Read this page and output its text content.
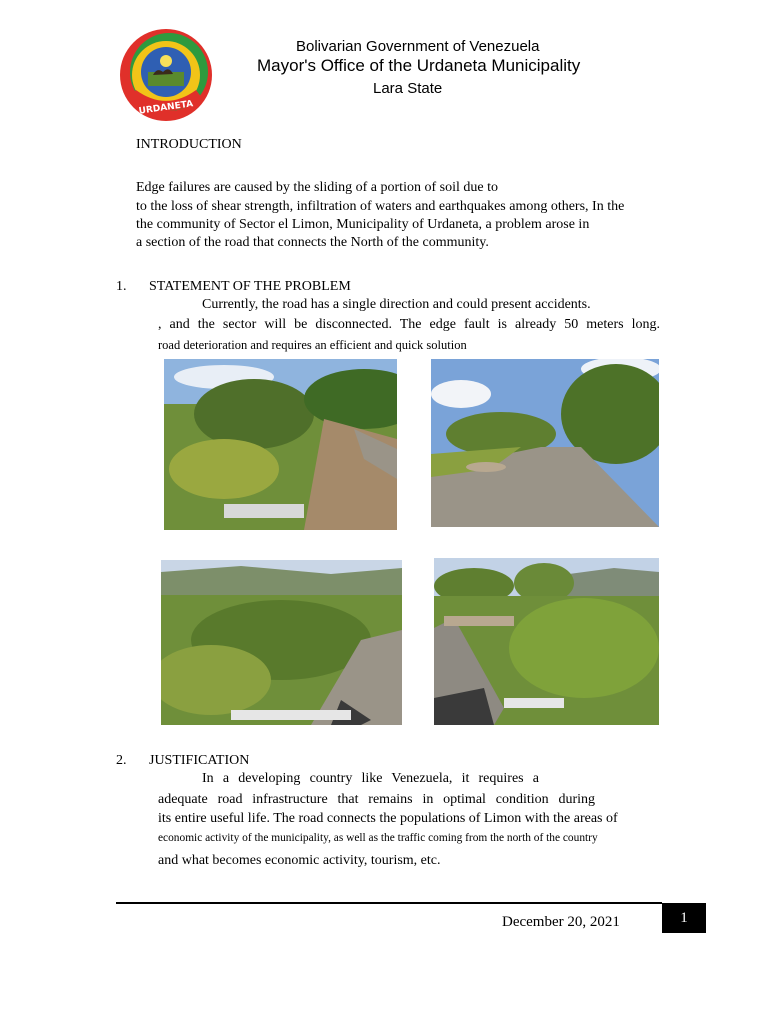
URDANETA
Bolivarian Government of Venezuela
Mayor's Office of the Urdaneta Municipality
Lara State
INTRODUCTION
Edge failures are caused by the sliding of a portion of soil due to
to the loss of shear strength, infiltration of waters and earthquakes among others, In the
the community of Sector el Limon, Municipality of Urdaneta, a problem arose in
a section of the road that connects the North of the community.
1. STATEMENT OF THE PROBLEM
Currently, the road has a single direction and could present accidents.
, and the sector will be disconnected. The edge fault is already 50 meters long.
road deterioration and requires an efficient and quick solution
2. JUSTIFICATION
In a developing country like Venezuela, it requires a
adequate road infrastructure that remains in optimal condition during
its entire useful life. The road connects the populations of Limon with the areas of
economic activity of the municipality, as well as the traffic coming from the north of the country
and what becomes economic activity, tourism, etc.
December 20, 2021	1
